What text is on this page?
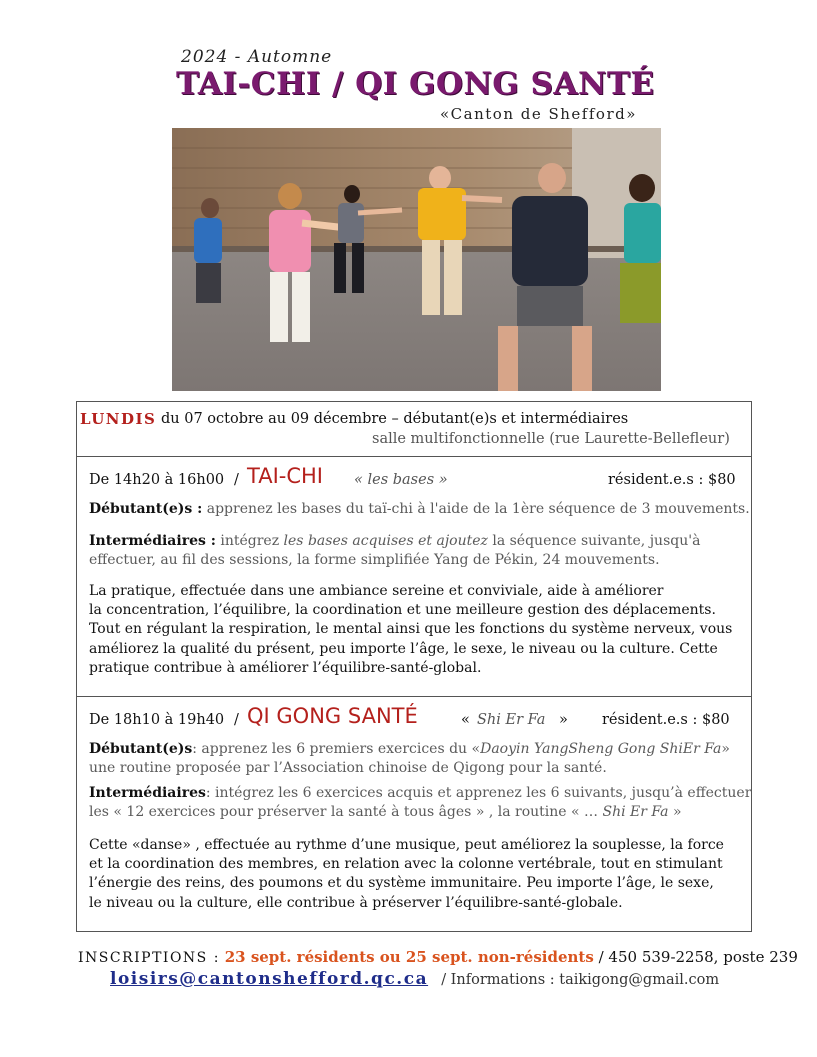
2024 - Automne
TAI-CHI / QI GONG SANTÉ
«Canton de Shefford»
LUNDIS du 07 octobre au 09 décembre – débutant(e)s et intermédiaires
salle multifonctionnelle (rue Laurette-Bellefleur)
De 14h20 à 16h00 / TAI-CHI « les bases »	résident.e.s : $80
Débutant(e)s : apprenez les bases du taï-chi à l'aide de la 1ère séquence de 3 mouvements.
Intermédiaires : intégrez les bases acquises et ajoutez la séquence suivante, jusqu'à
effectuer, au fil des sessions, la forme simplifiée Yang de Pékin, 24 mouvements.
La pratique, effectuée dans une ambiance sereine et conviviale, aide à améliorer
la concentration, l’équilibre, la coordination et une meilleure gestion des déplacements.
Tout en régulant la respiration, le mental ainsi que les fonctions du système nerveux, vous
améliorez la qualité du présent, peu importe l’âge, le sexe, le niveau ou la culture. Cette
pratique contribue à améliorer l’équilibre-santé-global.
De 18h10 à 19h40 / QI GONG SANTÉ	« Shi Er Fa » résident.e.s : $80
Débutant(e)s: apprenez les 6 premiers exercices du «Daoyin YangSheng Gong ShiEr Fa»
une routine proposée par l’Association chinoise de Qigong pour la santé.
Intermédiaires: intégrez les 6 exercices acquis et apprenez les 6 suivants, jusqu’à effectuer
les « 12 exercices pour préserver la santé à tous âges » , la routine « … Shi Er Fa »
Cette «danse» , effectuée au rythme d’une musique, peut améliorez la souplesse, la force
et la coordination des membres, en relation avec la colonne vertébrale, tout en stimulant
l’énergie des reins, des poumons et du système immunitaire. Peu importe l’âge, le sexe,
le niveau ou la culture, elle contribue à préserver l’équilibre-santé-globale.
INSCRIPTIONS : 23 sept. résidents ou 25 sept. non-résidents / 450 539-2258, poste 239
loisirs@cantonshefford.qc.ca / Informations : taikigong@gmail.com
